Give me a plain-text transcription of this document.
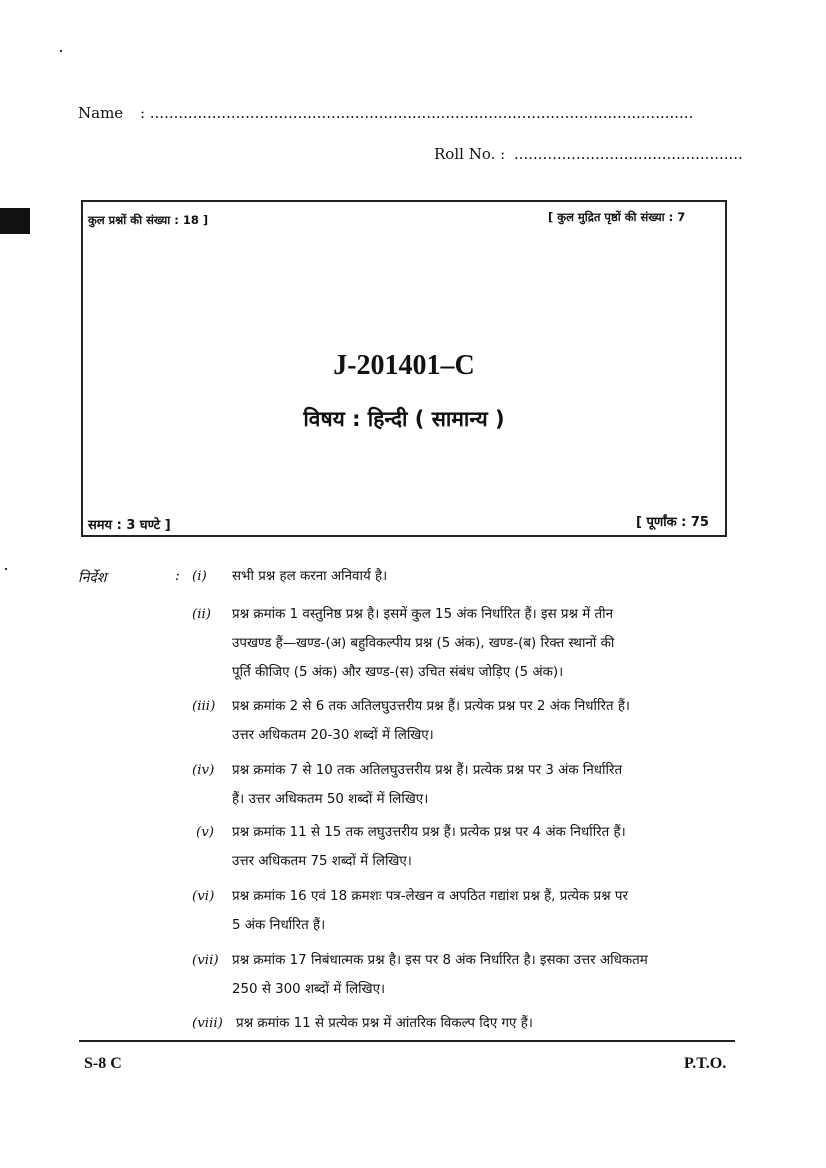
Name : ..................................................................................................................
Roll No. : ................................................
कुल प्रश्नों की संख्या : 18 ]	[ कुल मुद्रित पृष्ठों की संख्या : 7
J-201401–C
विषय : हिन्दी ( सामान्य )
समय : 3 घण्टे ]	[ पूर्णांक : 75
निर्देश	: (i) सभी प्रश्न हल करना अनिवार्य है।
(ii) प्रश्न क्रमांक 1 वस्तुनिष्ठ प्रश्न है। इसमें कुल 15 अंक निर्धारित हैं। इस प्रश्न में तीन
उपखण्ड हैं—खण्ड-(अ) बहुविकल्पीय प्रश्न (5 अंक), खण्ड-(ब) रिक्त स्थानों की
पूर्ति कीजिए (5 अंक) और खण्ड-(स) उचित संबंध जोड़िए (5 अंक)।
(iii) प्रश्न क्रमांक 2 से 6 तक अतिलघुउत्तरीय प्रश्न हैं। प्रत्येक प्रश्न पर 2 अंक निर्धारित हैं।
उत्तर अधिकतम 20-30 शब्दों में लिखिए।
(iv) प्रश्न क्रमांक 7 से 10 तक अतिलघुउत्तरीय प्रश्न हैं। प्रत्येक प्रश्न पर 3 अंक निर्धारित
हैं। उत्तर अधिकतम 50 शब्दों में लिखिए।
(v) प्रश्न क्रमांक 11 से 15 तक लघुउत्तरीय प्रश्न हैं। प्रत्येक प्रश्न पर 4 अंक निर्धारित हैं।
उत्तर अधिकतम 75 शब्दों में लिखिए।
(vi) प्रश्न क्रमांक 16 एवं 18 क्रमशः पत्र-लेखन व अपठित गद्यांश प्रश्न हैं, प्रत्येक प्रश्न पर
5 अंक निर्धारित हैं।
(vii) प्रश्न क्रमांक 17 निबंधात्मक प्रश्न है। इस पर 8 अंक निर्धारित है। इसका उत्तर अधिकतम
250 से 300 शब्दों में लिखिए।
(viii) प्रश्न क्रमांक 11 से प्रत्येक प्रश्न में आंतरिक विकल्प दिए गए हैं।
S-8 C	P.T.O.
